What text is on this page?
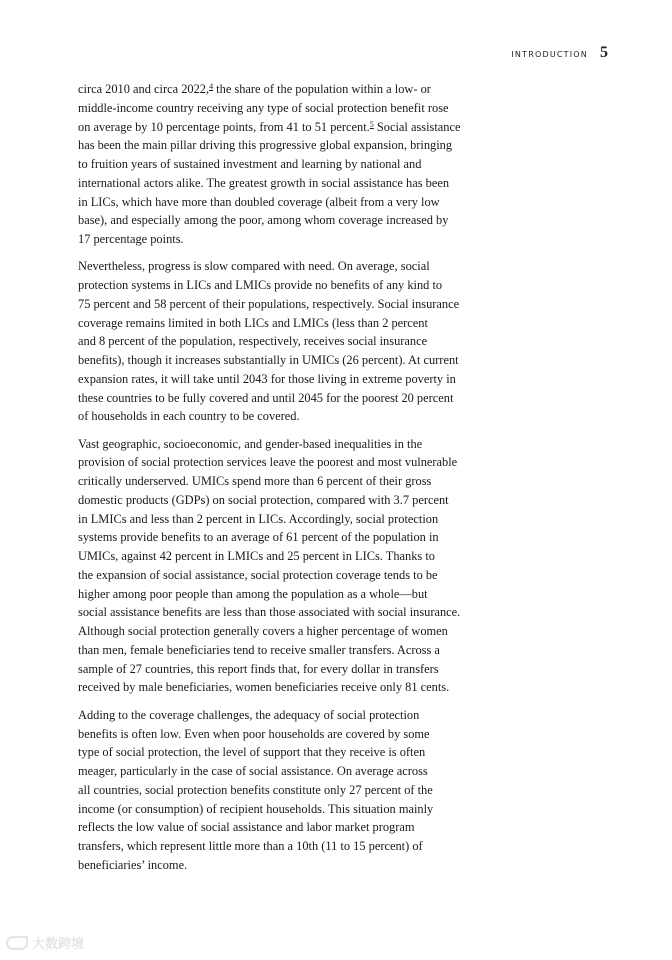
INTRODUCTION 5
circa 2010 and circa 2022,$^4$ the share of the population within a low- or
middle-income country receiving any type of social protection benefit rose
on average by 10 percentage points, from 41 to 51 percent.$^5$ Social assistance
has been the main pillar driving this progressive global expansion, bringing
to fruition years of sustained investment and learning by national and
international actors alike. The greatest growth in social assistance has been
in LICs, which have more than doubled coverage (albeit from a very low
base), and especially among the poor, among whom coverage increased by
17 percentage points.
Nevertheless, progress is slow compared with need. On average, social
protection systems in LICs and LMICs provide no benefits of any kind to
75 percent and 58 percent of their populations, respectively. Social insurance
coverage remains limited in both LICs and LMICs (less than 2 percent
and 8 percent of the population, respectively, receives social insurance
benefits), though it increases substantially in UMICs (26 percent). At current
expansion rates, it will take until 2043 for those living in extreme poverty in
these countries to be fully covered and until 2045 for the poorest 20 percent
of households in each country to be covered.
Vast geographic, socioeconomic, and gender-based inequalities in the
provision of social protection services leave the poorest and most vulnerable
critically underserved. UMICs spend more than 6 percent of their gross
domestic products (GDPs) on social protection, compared with 3.7 percent
in LMICs and less than 2 percent in LICs. Accordingly, social protection
systems provide benefits to an average of 61 percent of the population in
UMICs, against 42 percent in LMICs and 25 percent in LICs. Thanks to
the expansion of social assistance, social protection coverage tends to be
higher among poor people than among the population as a whole—but
social assistance benefits are less than those associated with social insurance.
Although social protection generally covers a higher percentage of women
than men, female beneficiaries tend to receive smaller transfers. Across a
sample of 27 countries, this report finds that, for every dollar in transfers
received by male beneficiaries, women beneficiaries receive only 81 cents.
Adding to the coverage challenges, the adequacy of social protection
benefits is often low. Even when poor households are covered by some
type of social protection, the level of support that they receive is often
meager, particularly in the case of social assistance. On average across
all countries, social protection benefits constitute only 27 percent of the
income (or consumption) of recipient households. This situation mainly
reflects the low value of social assistance and labor market program
transfers, which represent little more than a 10th (11 to 15 percent) of
beneficiaries’ income.
大数跨境
